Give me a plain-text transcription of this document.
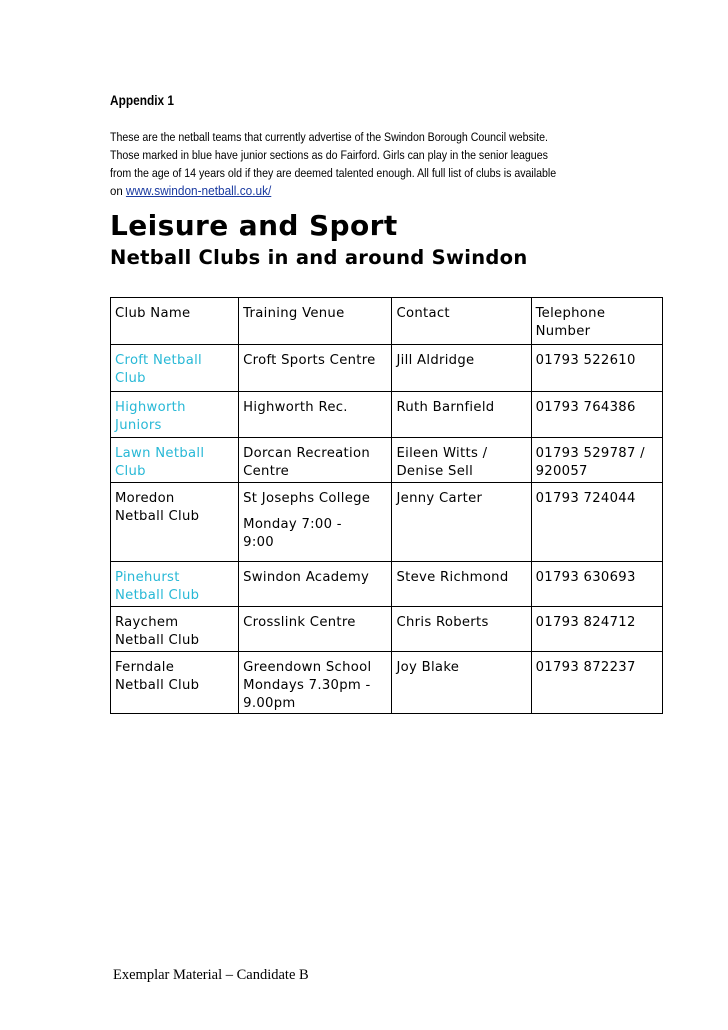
Appendix 1
These are the netball teams that currently advertise of the Swindon Borough Council website.
Those marked in blue have junior sections as do Fairford. Girls can play in the senior leagues
from the age of 14 years old if they are deemed talented enough. All full list of clubs is available
on www.swindon-netball.co.uk/
Leisure and Sport
Netball Clubs in and around Swindon
Club Name	Training Venue	Contact	Telephone
Number

Croft Netball
Club	Croft Sports Centre	Jill Aldridge	01793 522610

Highworth
Juniors	Highworth Rec.	Ruth Barnfield	01793 764386

Lawn Netball
Club	Dorcan Recreation
Centre	Eileen Witts /
Denise Sell	01793 529787 /
920057

Moredon
Netball Club	St Josephs College
Monday 7:00 -
9:00	Jenny Carter	01793 724044

Pinehurst
Netball Club	Swindon Academy	Steve Richmond	01793 630693

Raychem
Netball Club	Crosslink Centre	Chris Roberts	01793 824712

Ferndale
Netball Club	Greendown School
Mondays 7.30pm -
9.00pm	Joy Blake	01793 872237
Exemplar Material – Candidate B
